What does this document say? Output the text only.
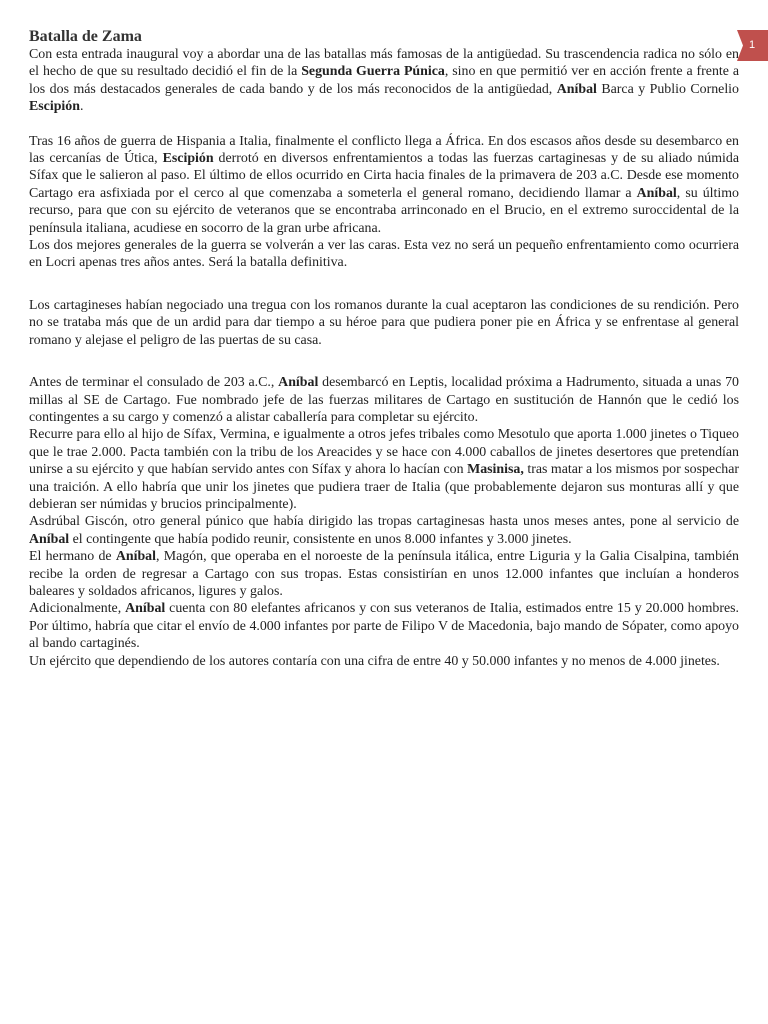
Batalla de Zama

Con esta entrada inaugural voy a abordar una de las batallas más famosas de la antigüedad. Su trascendencia radica no sólo en el hecho de que su resultado decidió el fin de la Segunda Guerra Púnica, sino en que permitió ver en acción frente a frente a los dos más destacados generales de cada bando y de los más reconocidos de la antigüedad, Aníbal Barca y Publio Cornelio Escipión.

Tras 16 años de guerra de Hispania a Italia, finalmente el conflicto llega a África. En dos escasos años desde su desembarco en las cercanías de Útica, Escipión derrotó en diversos enfrentamientos a todas las fuerzas cartaginesas y de su aliado númida Sífax que le salieron al paso. El último de ellos ocurrido en Cirta hacia finales de la primavera de 203 a.C. Desde ese momento Cartago era asfixiada por el cerco al que comenzaba a someterla el general romano, decidiendo llamar a Aníbal, su último recurso, para que con su ejército de veteranos que se encontraba arrinconado en el Brucio, en el extremo suroccidental de la península italiana, acudiese en socorro de la gran urbe africana.

Los dos mejores generales de la guerra se volverán a ver las caras. Esta vez no será un pequeño enfrentamiento como ocurriera en Locri apenas tres años antes. Será la batalla definitiva.

Los cartagineses habían negociado una tregua con los romanos durante la cual aceptaron las condiciones de su rendición. Pero no se trataba más que de un ardid para dar tiempo a su héroe para que pudiera poner pie en África y se enfrentase al general romano y alejase el peligro de las puertas de su casa.

Antes de terminar el consulado de 203 a.C., Aníbal desembarcó en Leptis, localidad próxima a Hadrumento, situada a unas 70 millas al SE de Cartago. Fue nombrado jefe de las fuerzas militares de Cartago en sustitución de Hannón que le cedió los contingentes a su cargo y comenzó a alistar caballería para completar su ejército.

Recurre para ello al hijo de Sífax, Vermina, e igualmente a otros jefes tribales como Mesotulo que aporta 1.000 jinetes o Tiqueo que le trae 2.000. Pacta también con la tribu de los Areacides y se hace con 4.000 caballos de jinetes desertores que pretendían unirse a su ejército y que habían servido antes con Sífax y ahora lo hacían con Masinisa, tras matar a los mismos por sospechar una traición. A ello habría que unir los jinetes que pudiera traer de Italia (que probablemente dejaron sus monturas allí y que debieran ser númidas y brucios principalmente).

Asdrúbal Giscón, otro general púnico que había dirigido las tropas cartaginesas hasta unos meses antes, pone al servicio de Aníbal el contingente que había podido reunir, consistente en unos 8.000 infantes y 3.000 jinetes.

El hermano de Aníbal, Magón, que operaba en el noroeste de la península itálica, entre Liguria y la Galia Cisalpina, también recibe la orden de regresar a Cartago con sus tropas. Estas consistirían en unos 12.000 infantes que incluían a honderos baleares y soldados africanos, ligures y galos.

Adicionalmente, Aníbal cuenta con 80 elefantes africanos y con sus veteranos de Italia, estimados entre 15 y 20.000 hombres. Por último, habría que citar el envío de 4.000 infantes por parte de Filipo V de Macedonia, bajo mando de Sópater, como apoyo al bando cartaginés.

Un ejército que dependiendo de los autores contaría con una cifra de entre 40 y 50.000 infantes y no menos de 4.000 jinetes.

1
